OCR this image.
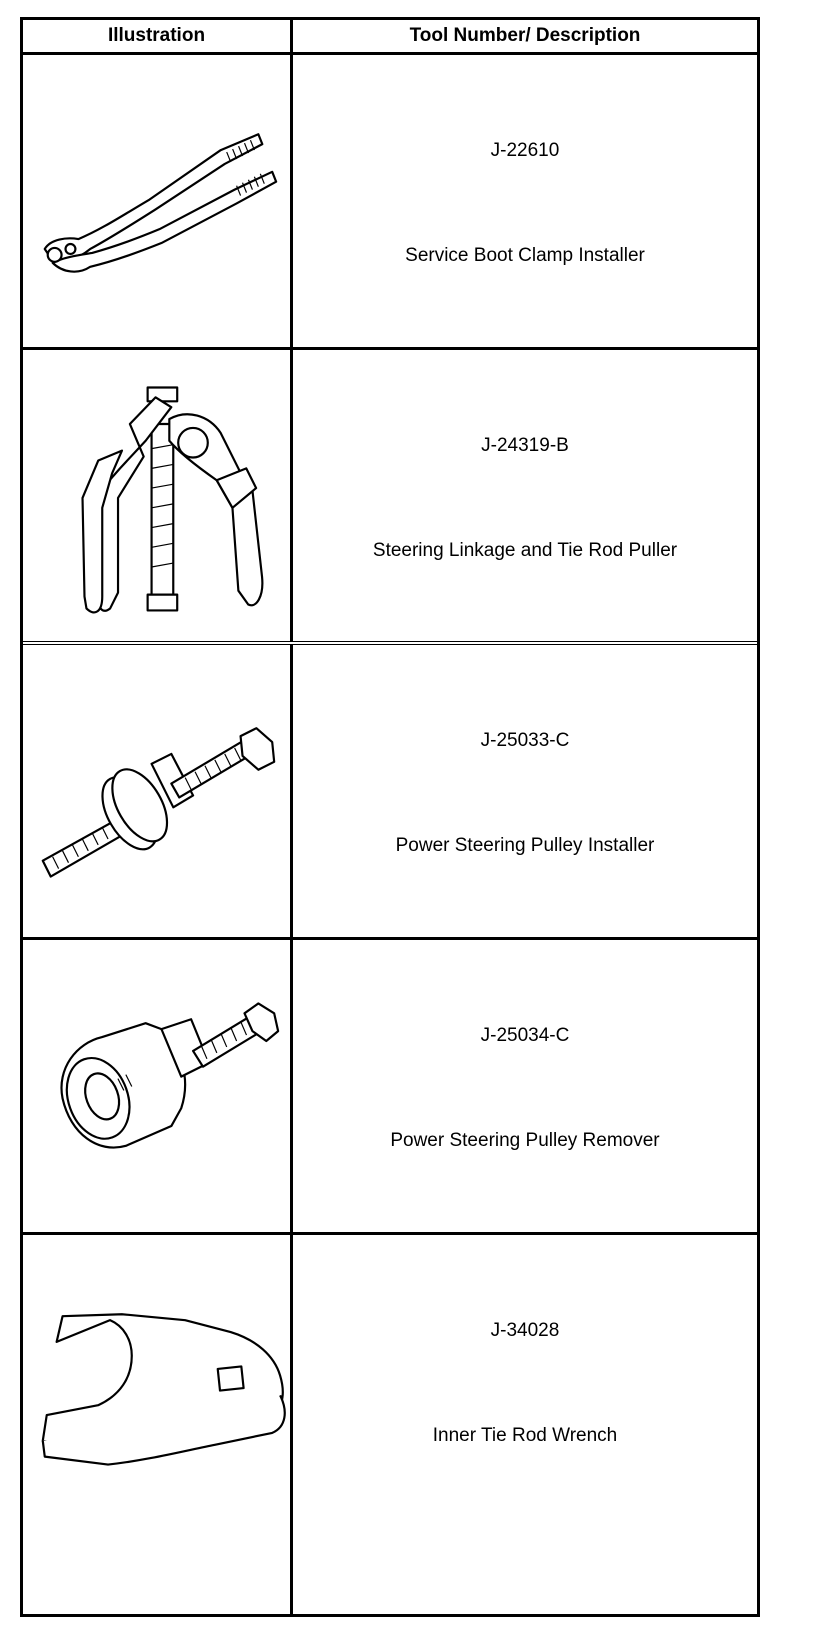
Illustration	Tool Number/ Description
J-22610
Service Boot Clamp Installer
J-24319-B
Steering Linkage and Tie Rod Puller
J-25033-C
Power Steering Pulley Installer
J-25034-C
Power Steering Pulley Remover
J-34028
Inner Tie Rod Wrench
